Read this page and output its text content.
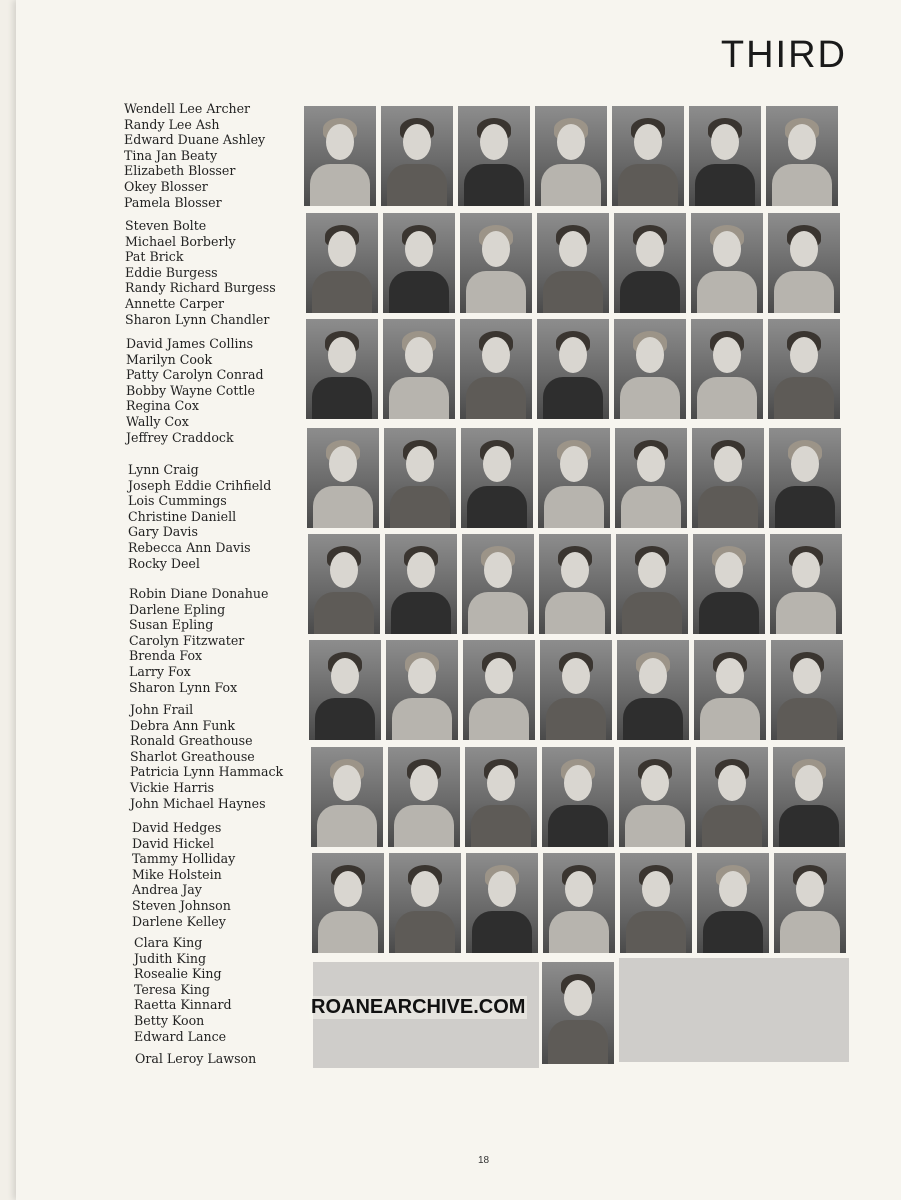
THIRD
Wendell Lee Archer
Randy Lee Ash
Edward Duane Ashley
Tina Jan Beaty
Elizabeth Blosser
Okey Blosser
Pamela Blosser
Steven Bolte
Michael Borberly
Pat Brick
Eddie Burgess
Randy Richard Burgess
Annette Carper
Sharon Lynn Chandler
David James Collins
Marilyn Cook
Patty Carolyn Conrad
Bobby Wayne Cottle
Regina Cox
Wally Cox
Jeffrey Craddock
Lynn Craig
Joseph Eddie Crihfield
Lois Cummings
Christine Daniell
Gary Davis
Rebecca Ann Davis
Rocky Deel
Robin Diane Donahue
Darlene Epling
Susan Epling
Carolyn Fitzwater
Brenda Fox
Larry Fox
Sharon Lynn Fox
John Frail
Debra Ann Funk
Ronald Greathouse
Sharlot Greathouse
Patricia Lynn Hammack
Vickie Harris
John Michael Haynes
David Hedges
David Hickel
Tammy Holliday
Mike Holstein
Andrea Jay
Steven Johnson
Darlene Kelley
Clara King
Judith King
Rosealie King
Teresa King
Raetta Kinnard
Betty Koon
Edward Lance
Oral Leroy Lawson
ROANEARCHIVE.COM
18
